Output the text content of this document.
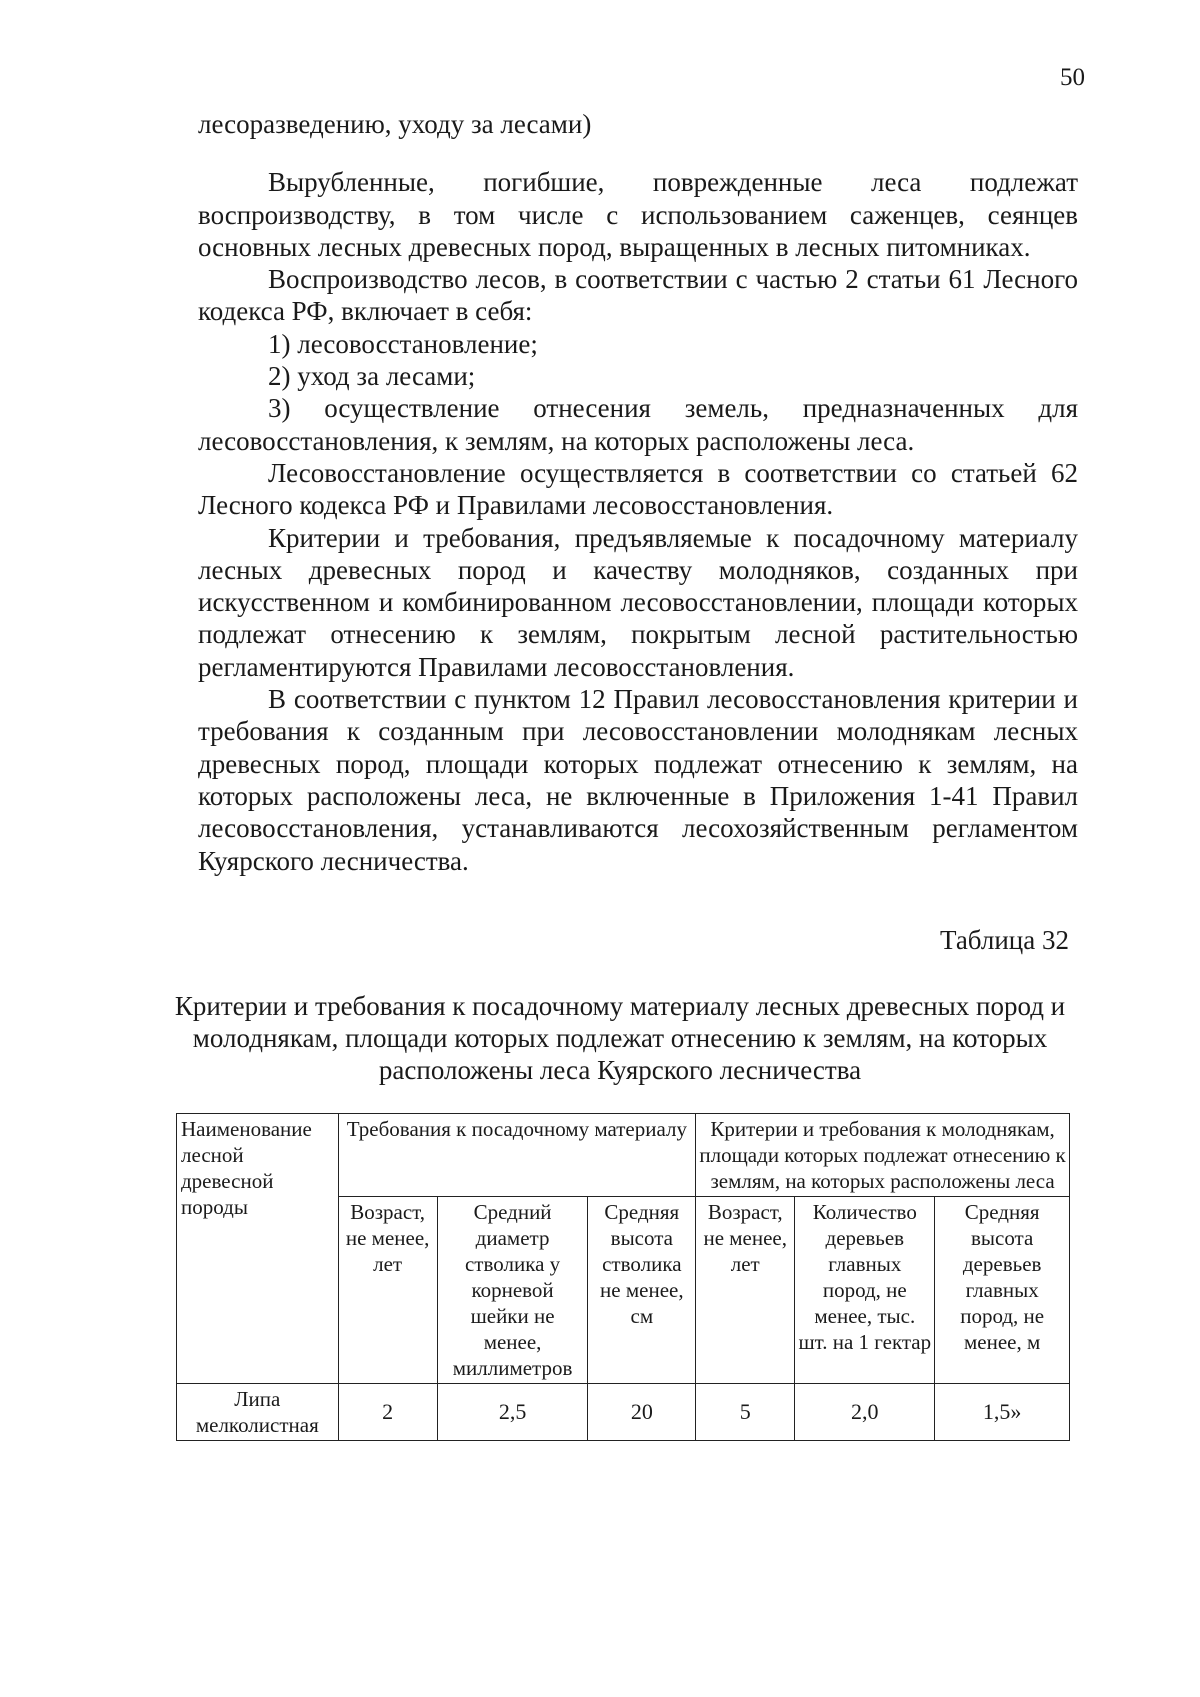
50

лесоразведению, уходу за лесами)

Вырубленные, погибшие, поврежденные леса подлежат воспроизводству, в том числе с использованием саженцев, сеянцев основных лесных древесных пород, выращенных в лесных питомниках.

Воспроизводство лесов, в соответствии с частью 2 статьи 61 Лесного кодекса РФ, включает в себя:

1) лесовосстановление;

2) уход за лесами;

3) осуществление отнесения земель, предназначенных для лесовосстановления, к землям, на которых расположены леса.

Лесовосстановление осуществляется в соответствии со статьей 62 Лесного кодекса РФ и Правилами лесовосстановления.

Критерии и требования, предъявляемые к посадочному материалу лесных древесных пород и качеству молодняков, созданных при искусственном и комбинированном лесовосстановлении, площади которых подлежат отнесению к землям, покрытым лесной растительностью регламентируются Правилами лесовосстановления.

В соответствии с пунктом 12 Правил лесовосстановления критерии и требования к созданным при лесовосстановлении молоднякам лесных древесных пород, площади которых подлежат отнесению к землям, на которых расположены леса, не включенные в Приложения 1-41 Правил лесовосстановления, устанавливаются лесохозяйственным регламентом Куярского лесничества.

Таблица 32
Критерии и требования к посадочному материалу лесных древесных пород и молоднякам, площади которых подлежат отнесению к землям, на которых расположены леса Куярского лесничества
Наименование лесной древесной породы	Требования к посадочному материалу			Критерии и требования к молоднякам, площади которых подлежат отнесению к землям, на которых расположены леса		
	Возраст, не менее, лет	Средний диаметр стволика у корневой шейки не менее, миллиметров	Средняя высота стволика не менее, см	Возраст, не менее, лет	Количество деревьев главных пород, не менее, тыс. шт. на 1 гектар	Средняя высота деревьев главных пород, не менее, м
Липа мелколистная	2	2,5	20	5	2,0	1,5»
